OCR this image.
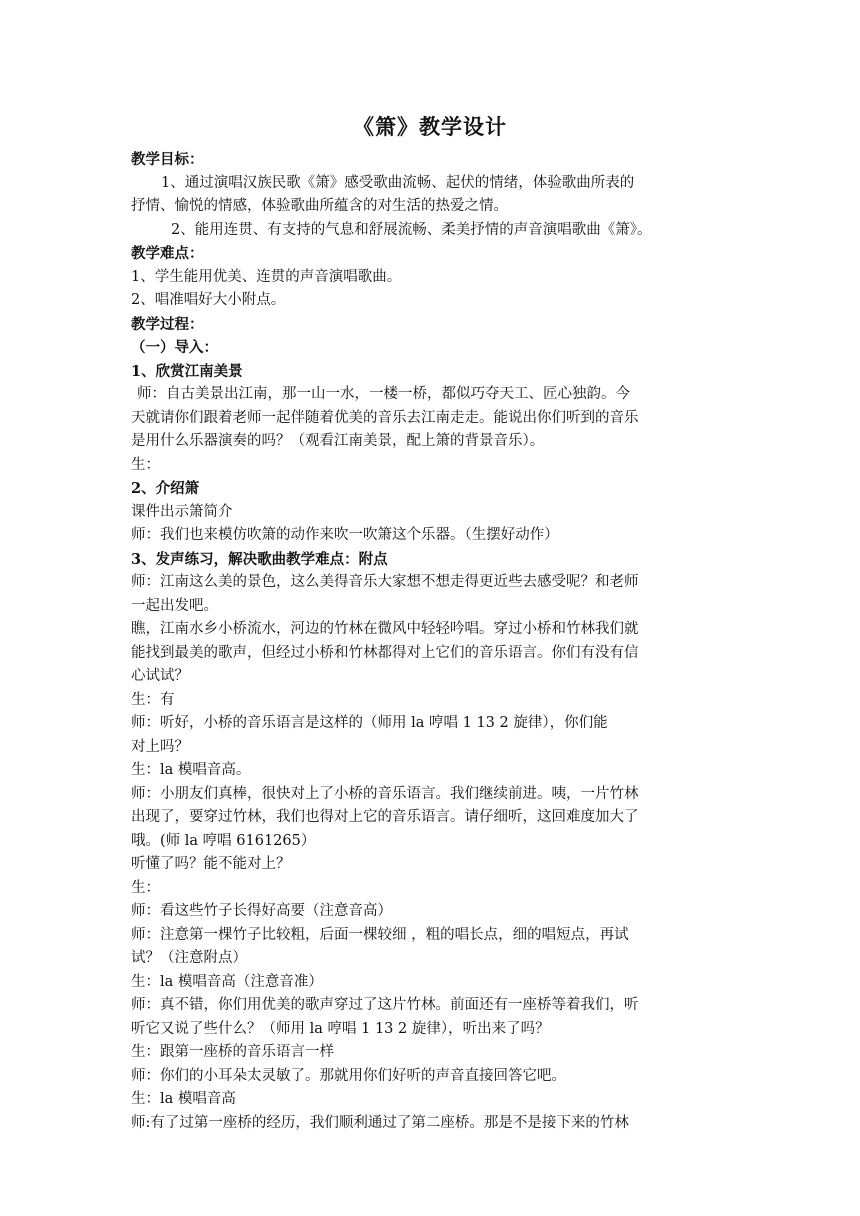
《箫》教学设计

教学目标：

1、通过演唱汉族民歌《箫》感受歌曲流畅、起伏的情绪，体验歌曲所表的

抒情、愉悦的情感，体验歌曲所蕴含的对生活的热爱之情。

2、能用连贯、有支持的气息和舒展流畅、柔美抒情的声音演唱歌曲《箫》。

教学难点：

1、学生能用优美、连贯的声音演唱歌曲。

2、唱准唱好大小附点。

教学过程：

（一）导入：

1、欣赏江南美景

师：自古美景出江南，那一山一水，一楼一桥，都似巧夺天工、匠心独韵。今

天就请你们跟着老师一起伴随着优美的音乐去江南走走。能说出你们听到的音乐

是用什么乐器演奏的吗？（观看江南美景，配上箫的背景音乐）。

生：

2、介绍箫

课件出示箫简介

师：我们也来模仿吹箫的动作来吹一吹箫这个乐器。（生摆好动作）

3、发声练习，解决歌曲教学难点：附点

师：江南这么美的景色，这么美得音乐大家想不想走得更近些去感受呢？和老师

一起出发吧。

瞧，江南水乡小桥流水，河边的竹林在微风中轻轻吟唱。穿过小桥和竹林我们就

能找到最美的歌声，但经过小桥和竹林都得对上它们的音乐语言。你们有没有信

心试试？

生：有

师：听好，小桥的音乐语言是这样的（师用 la 哼唱 1 13 2 旋律），你们能

对上吗？

生：la 模唱音高。

师：小朋友们真棒，很快对上了小桥的音乐语言。我们继续前进。咦，一片竹林

出现了，要穿过竹林，我们也得对上它的音乐语言。请仔细听，这回难度加大了

哦。(师 la 哼唱 6161265）

听懂了吗？能不能对上？

生：

师：看这些竹子长得好高要（注意音高）

师：注意第一棵竹子比较粗，后面一棵较细 ，粗的唱长点，细的唱短点，再试

试？（注意附点）

生：la 模唱音高（注意音准）

师：真不错，你们用优美的歌声穿过了这片竹林。前面还有一座桥等着我们，听

听它又说了些什么？（师用 la 哼唱 1 13 2 旋律），听出来了吗？

生：跟第一座桥的音乐语言一样

师：你们的小耳朵太灵敏了。那就用你们好听的声音直接回答它吧。

生：la 模唱音高

师:有了过第一座桥的经历，我们顺利通过了第二座桥。那是不是接下来的竹林
